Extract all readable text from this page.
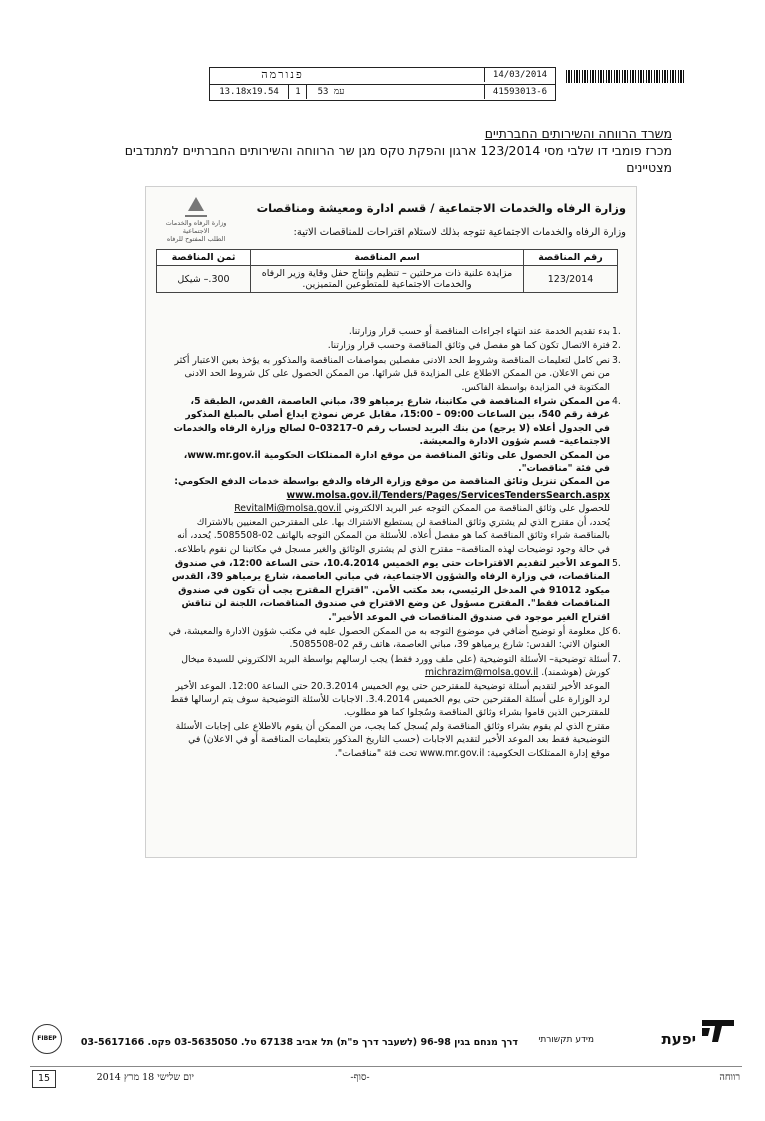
פנורמה	14/03/2014
13.18x19.54	1	עמ 53	41593013-6
משרד הרווחה והשירותים החברתיים
מכרז פומבי דו שלבי מסי 123/2014 ארגון והפקת טקס מגן שר הרווחה והשירותים החברתיים למתנדבים מצטיינים
وزارة الرفاه والخدمات الاجتماعية
الطلب المفتوح للرفاه
وزارة الرفاه والخدمات الاجتماعية / قسم ادارة ومعيشة ومناقصات
وزارة الرفاه والخدمات الاجتماعية تتوجه بذلك لاستلام اقتراحات للمناقصات الاتية:
رقم المناقصة	اسم المناقصة	ثمن المناقصة
123/2014	مزايدة علنية ذات مرحلتين – تنظيم وإنتاج حفل وقاية وزير الرفاه والخدمات الاجتماعية للمتطوعين المتميزين.	300.– شيكل
1.
بدء تقديم الخدمة عند انتهاء اجراءات المناقصة أو حسب قرار وزارتنا.
2.
فترة الاتصال تكون كما هو مفصل في وثائق المناقصة وحسب قرار وزارتنا.
3.
نص كامل لتعليمات المناقصة وشروط الحد الادنى مفصلين بمواصفات المناقصة والمذكور به يؤخذ بعين الاعتبار أكثر من نص الاعلان. من الممكن الاطلاع على المزايدة قبل شرائها. من الممكن الحصول على كل شروط الحد الادنى المكتوبة في المزايدة بواسطة الفاكس.
4.
من الممكن شراء المناقصة في مكاتبنا، شارع يرمياهو 39، مباني العاصمة، القدس، الطبقة 5، غرفة رقم 540، بين الساعات 09:00 – 15:00، مقابل عرض نموذج ايداع أصلي بالمبلغ المذكور في الجدول أعلاه (لا يرجع) من بنك البريد لحساب رقم 0–03217–0 لصالح وزارة الرفاه والخدمات الاجتماعية– قسم شؤون الادارة والمعيشة.
من الممكن الحصول على وثائق المناقصة من موقع ادارة الممتلكات الحكومية www.mr.gov.il، في فئة "مناقصات".
من الممكن تنزيل وثائق المناقصة من موقع وزارة الرفاه والدفع بواسطة خدمات الدفع الحكومي:
www.molsa.gov.il/Tenders/Pages/ServicesTendersSearch.aspx
للحصول على وثائق المناقصة من الممكن التوجه عبر البريد الالكتروني RevitalMi@molsa.gov.il
يُحدد، أن مقترح الذي لم يشتري وثائق المناقصة لن يستطيع الاشتراك بها. على المقترحين المعنيين بالاشتراك بالمناقصة شراء وثائق المناقصة كما هو مفصل أعلاه. للأسئلة من الممكن التوجه بالهاتف 02-5085508. يُحدد، أنه في حالة وجود توضيحات لهذه المناقصة– مقترح الذي لم يشتري الوثائق والغير مسجل في مكاتبنا لن نقوم باطلاعه.
5.
الموعد الأخير لتقديم الاقتراحات حتى يوم الخميس 10.4.2014، حتى الساعة 12:00، في صندوق المناقصات، في وزارة الرفاه والشؤون الاجتماعية، في مباني العاصمة، شارع يرمياهو 39، القدس ميكود 91012 في المدخل الرئيسي، بعد مكتب الأمن. "اقتراح المقترح يجب أن تكون في صندوق المناقصات فقط". المقترح مسؤول عن وضع الاقتراح في صندوق المناقصات، اللجنة لن تناقش اقتراح الغير موجود في صندوق المناقصات في الموعد الأخير".
6.
كل معلومة أو توضيح أضافي في موضوع التوجه به من الممكن الحصول عليه في مكتب شؤون الادارة والمعيشة، في العنوان الاتي: القدس: شارع يرمياهو 39، مباني العاصمة، هاتف رقم 02-5085508.
7.
أسئلة توضيحية– الأسئلة التوضيحية (على ملف وورد فقط) يجب ارسالهم بواسطة البريد الالكتروني للسيدة ميخال كورش (هوشمند). michrazim@molsa.gov.il
الموعد الأخير لتقديم أسئلة توضيحية للمقترحين حتى يوم الخميس 20.3.2014 حتى الساعة 12:00. الموعد الأخير لرد الوزارة على أسئلة المقترحين حتى يوم الخميس 3.4.2014. الاجابات للأسئلة التوضيحية سوف يتم ارسالها فقط للمقترحين الذين قاموا بشراء وثائق المناقصة وسُجلوا كما هو مطلوب.
مقترح الذي لم يقوم بشراء وثائق المناقصة ولم يُسجل كما يجب، من الممكن أن يقوم بالاطلاع على إجابات الأسئلة التوضيحية فقط بعد الموعد الأخير لتقديم الاجابات (حسب التاريخ المذكور بتعليمات المناقصة أو في الاعلان) في موقع إدارة الممتلكات الحكومية: www.mr.gov.il تحت فئة "مناقصات".
FIBEP	יפעת
מידע תקשורתי
דרך מנחם בגין 96-98 (לשעבר דרך פ"ת) תל אביב 67138 טל. 03-5635050 פקס. 03-5617166
15	יום שלישי 18 מרץ 2014	-סוף-	רווחה
